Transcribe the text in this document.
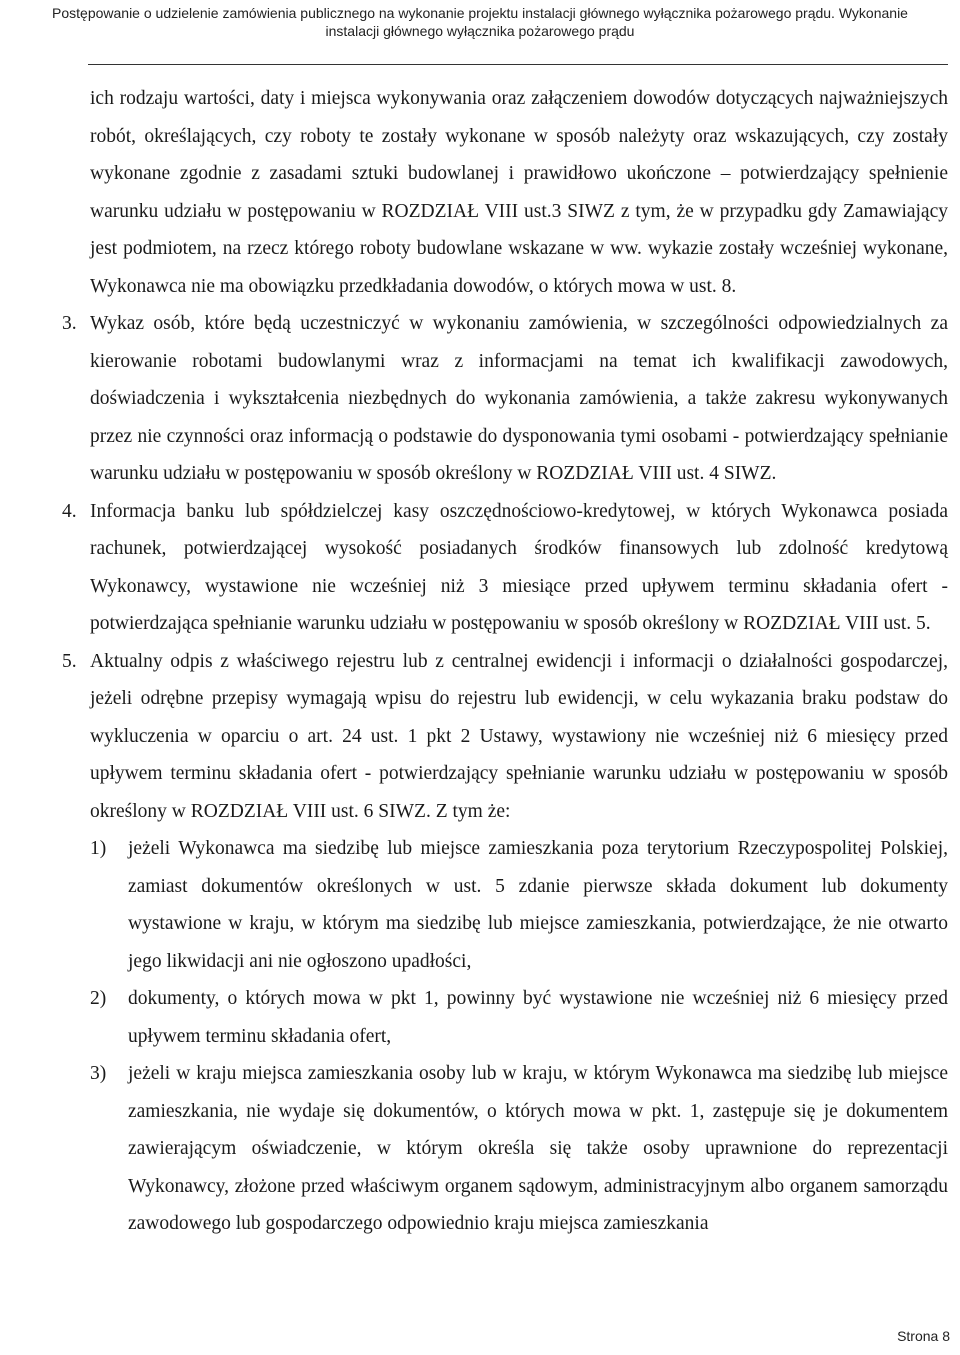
Postępowanie o udzielenie zamówienia publicznego na wykonanie projektu instalacji głównego wyłącznika pożarowego prądu. Wykonanie
instalacji głównego wyłącznika pożarowego prądu

ich rodzaju wartości, daty i miejsca wykonywania oraz załączeniem dowodów dotyczących najważniejszych robót, określających, czy roboty te zostały wykonane w sposób należyty oraz wskazujących, czy zostały wykonane zgodnie z zasadami sztuki budowlanej i prawidłowo ukończone – potwierdzający spełnienie warunku udziału w postępowaniu w ROZDZIAŁ VIII ust.3 SIWZ z tym, że w przypadku gdy Zamawiający jest podmiotem, na rzecz którego roboty budowlane wskazane w ww. wykazie zostały wcześniej wykonane, Wykonawca nie ma obowiązku przedkładania dowodów, o których mowa w ust. 8.

3. Wykaz osób, które będą uczestniczyć w wykonaniu zamówienia, w szczególności odpowiedzialnych za kierowanie robotami budowlanymi wraz z informacjami na temat ich kwalifikacji zawodowych, doświadczenia i wykształcenia niezbędnych do wykonania zamówienia, a także zakresu wykonywanych przez nie czynności oraz informacją o podstawie do dysponowania tymi osobami - potwierdzający spełnianie warunku udziału w postępowaniu w sposób określony w ROZDZIAŁ VIII ust. 4 SIWZ.
4. Informacja banku lub spółdzielczej kasy oszczędnościowo-kredytowej, w których Wykonawca posiada rachunek, potwierdzającej wysokość posiadanych środków finansowych lub zdolność kredytową Wykonawcy, wystawione nie wcześniej niż 3 miesiące przed upływem terminu składania ofert - potwierdzająca spełnianie warunku udziału w postępowaniu w sposób określony w ROZDZIAŁ VIII ust. 5.
5. Aktualny odpis z właściwego rejestru lub z centralnej ewidencji i informacji o działalności gospodarczej, jeżeli odrębne przepisy wymagają wpisu do rejestru lub ewidencji, w celu wykazania braku podstaw do wykluczenia w oparciu o art. 24 ust. 1 pkt 2 Ustawy, wystawiony nie wcześniej niż 6 miesięcy przed upływem terminu składania ofert - potwierdzający spełnianie warunku udziału w postępowaniu w sposób określony w ROZDZIAŁ VIII ust. 6 SIWZ. Z tym że:
1) jeżeli Wykonawca ma siedzibę lub miejsce zamieszkania poza terytorium Rzeczypospolitej Polskiej, zamiast dokumentów określonych w ust. 5 zdanie pierwsze składa dokument lub dokumenty wystawione w kraju, w którym ma siedzibę lub miejsce zamieszkania, potwierdzające, że nie otwarto jego likwidacji ani nie ogłoszono upadłości,
2) dokumenty, o których mowa w pkt 1, powinny być wystawione nie wcześniej niż 6 miesięcy przed upływem terminu składania ofert,
3) jeżeli w kraju miejsca zamieszkania osoby lub w kraju, w którym Wykonawca ma siedzibę lub miejsce zamieszkania, nie wydaje się dokumentów, o których mowa w pkt. 1, zastępuje się je dokumentem zawierającym oświadczenie, w którym określa się także osoby uprawnione do reprezentacji Wykonawcy, złożone przed właściwym organem sądowym, administracyjnym albo organem samorządu zawodowego lub gospodarczego odpowiednio kraju miejsca zamieszkania
Strona 8
